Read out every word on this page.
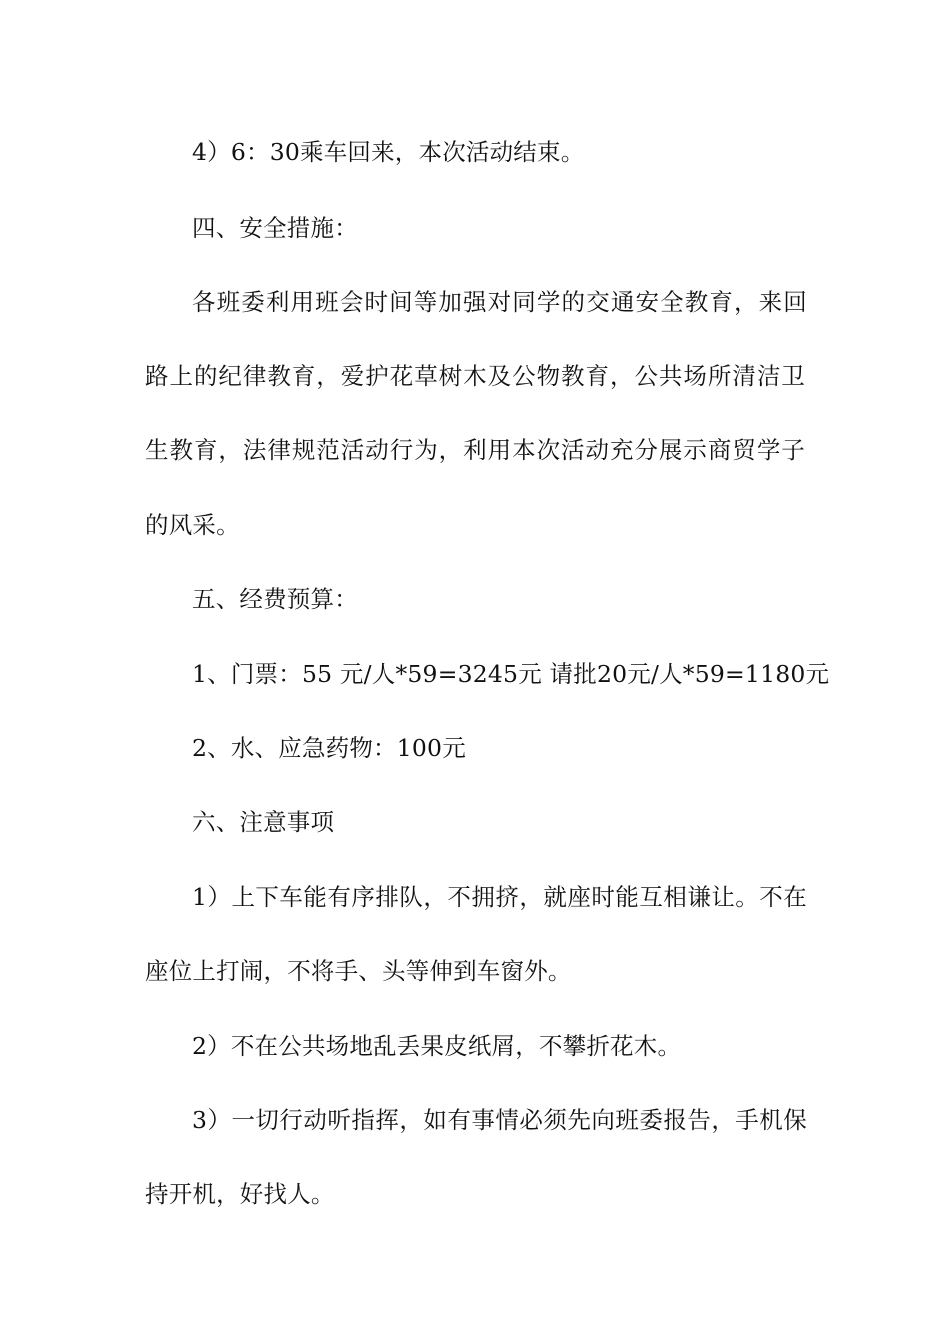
4）6：30乘车回来，本次活动结束。
四、安全措施：
各班委利用班会时间等加强对同学的交通安全教育，来回
路上的纪律教育，爱护花草树木及公物教育，公共场所清洁卫
生教育，法律规范活动行为，利用本次活动充分展示商贸学子
的风采。
五、经费预算：
1、门票：55 元/人*59=3245元 请批20元/人*59=1180元
2、水、应急药物：100元
六、注意事项
1）上下车能有序排队，不拥挤，就座时能互相谦让。不在
座位上打闹，不将手、头等伸到车窗外。
2）不在公共场地乱丢果皮纸屑，不攀折花木。
3）一切行动听指挥，如有事情必须先向班委报告，手机保
持开机，好找人。
